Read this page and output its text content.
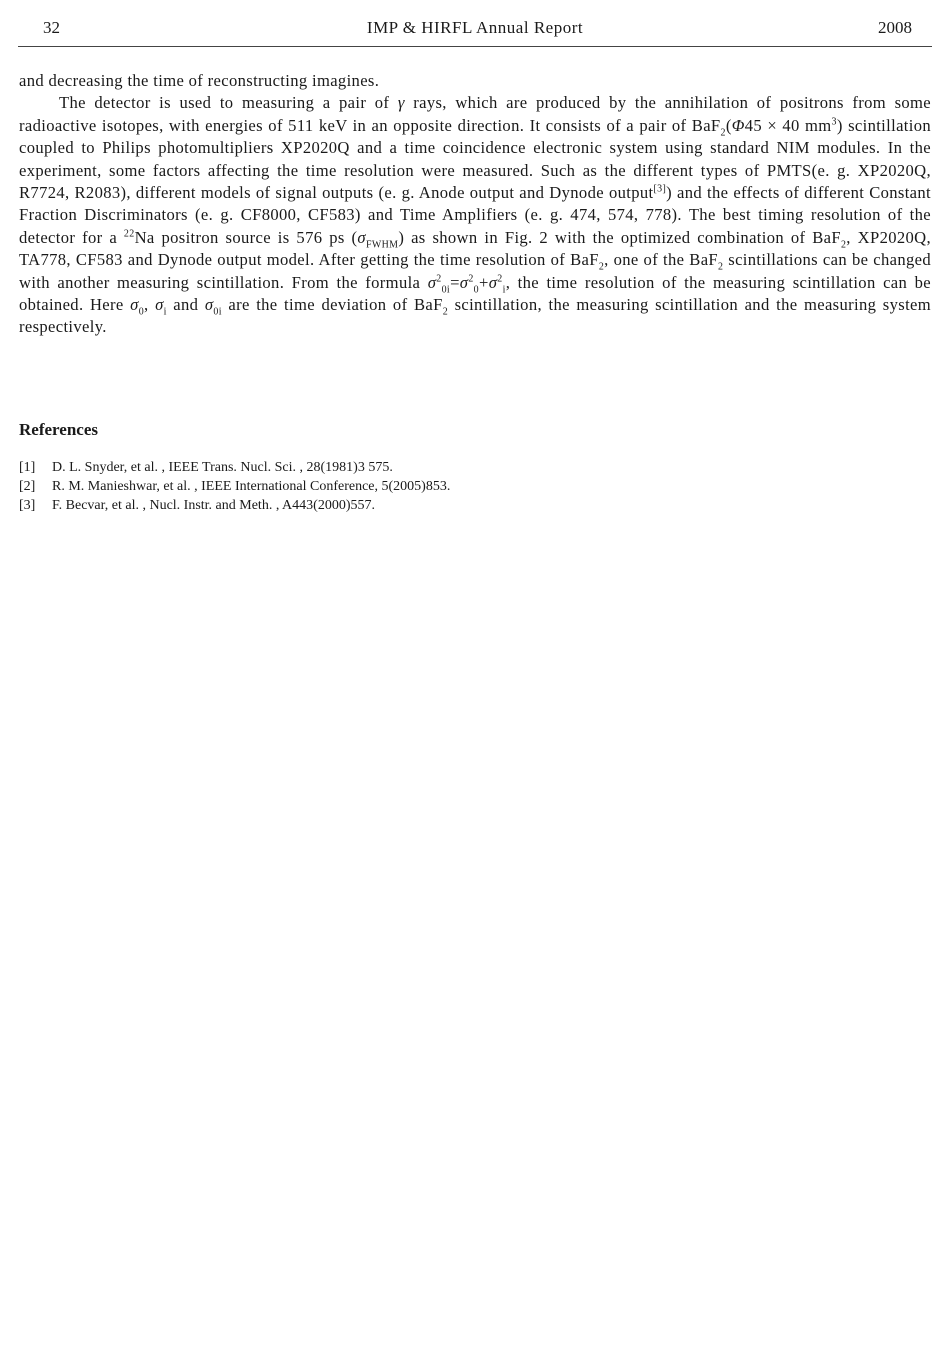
32	IMP & HIRFL Annual Report	2008

and decreasing the time of reconstructing imagines.

The detector is used to measuring a pair of γ rays, which are produced by the annihilation of positrons from some radioactive isotopes, with energies of 511 keV in an opposite direction. It consists of a pair of BaF$_2$(Φ45 × 40 $mm^3$) scintillation coupled to Philips photomultipliers XP2020Q and a time coincidence electronic system using standard NIM modules. In the experiment, some factors affecting the time resolution were measured. Such as the different types of PMTS(e. g. XP2020Q, R7724, R2083), different models of signal outputs (e. g. Anode output and Dynode output[3]) and the effects of different Constant Fraction Discriminators (e. g. CF8000, CF583) and Time Amplifiers (e. g. 474, 574, 778). The best timing resolution of the detector for a $^{22}$Na positron source is 576 ps $(\sigma_{FWHM})$ as shown in Fig. 2 with the optimized combination of BaF$_2$, XP2020Q, TA778, CF583 and Dynode output model. After getting the time resolution of BaF$_2$, one of the BaF$_2$ scintillations can be changed with another measuring scintillation. From the formula $\sigma^2_{0i}=\sigma^2_0+\sigma^2_i$, the time resolution of the measuring scintillation can be obtained. Here $\sigma_0$, $\sigma_i$ and $\sigma_{0i}$ are the time deviation of BaF$_2$ scintillation, the measuring scintillation and the measuring system respectively.

References
[1] D. L. Snyder, et al. , IEEE Trans. Nucl. Sci. , 28(1981)3 575.
[2] R. M. Manieshwar, et al. , IEEE International Conference, 5(2005)853.
[3] F. Becvar, et al. , Nucl. Instr. and Meth. , A443(2000)557.
